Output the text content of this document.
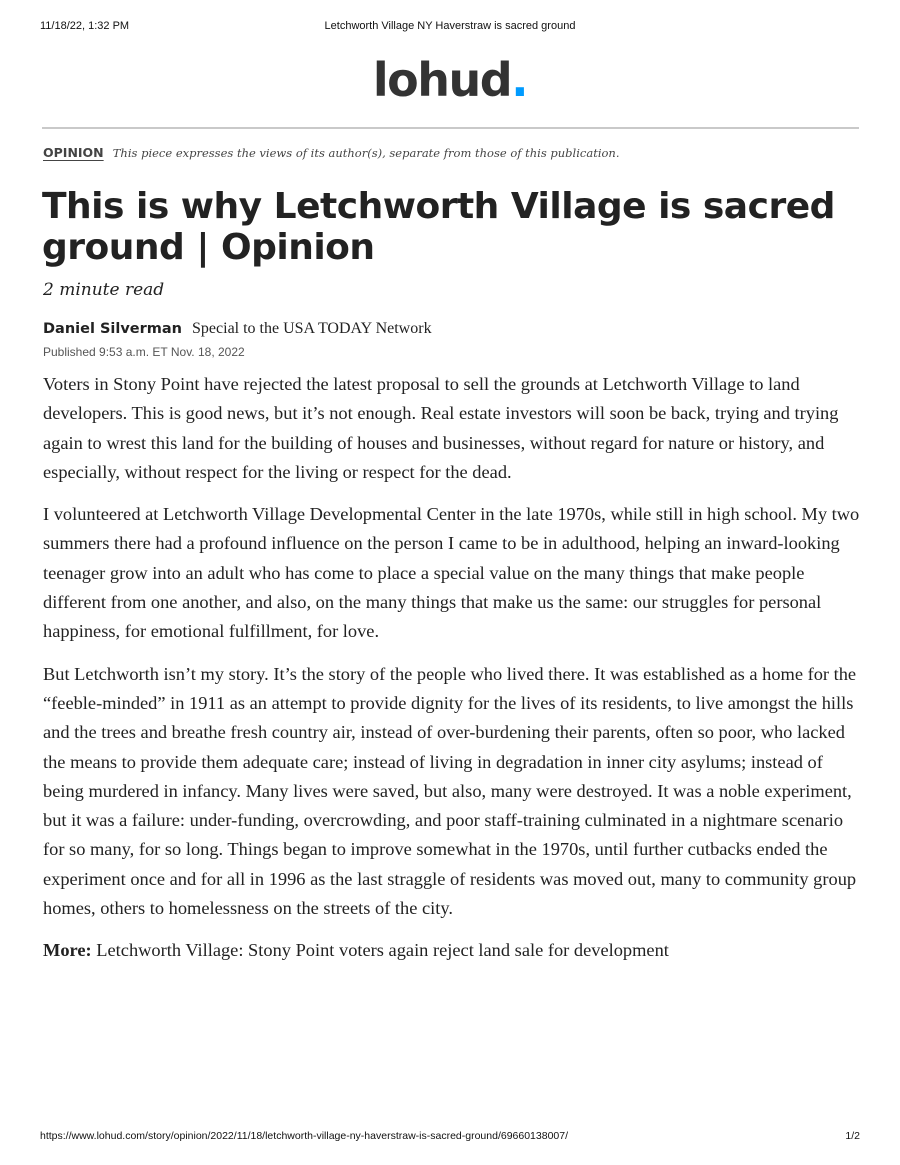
11/18/22, 1:32 PM	Letchworth Village NY Haverstraw is sacred ground
lohud.
OPINION This piece expresses the views of its author(s), separate from those of this publication.
This is why Letchworth Village is sacred ground | Opinion
2 minute read
Daniel Silverman Special to the USA TODAY Network
Published 9:53 a.m. ET Nov. 18, 2022

Voters in Stony Point have rejected the latest proposal to sell the grounds at Letchworth Village to land developers. This is good news, but it’s not enough. Real estate investors will soon be back, trying and trying again to wrest this land for the building of houses and businesses, without regard for nature or history, and especially, without respect for the living or respect for the dead.

I volunteered at Letchworth Village Developmental Center in the late 1970s, while still in high school. My two summers there had a profound influence on the person I came to be in adulthood, helping an inward-looking teenager grow into an adult who has come to place a special value on the many things that make people different from one another, and also, on the many things that make us the same: our struggles for personal happiness, for emotional fulfillment, for love.

But Letchworth isn’t my story. It’s the story of the people who lived there. It was established as a home for the “feeble-minded” in 1911 as an attempt to provide dignity for the lives of its residents, to live amongst the hills and the trees and breathe fresh country air, instead of over-burdening their parents, often so poor, who lacked the means to provide them adequate care; instead of living in degradation in inner city asylums; instead of being murdered in infancy. Many lives were saved, but also, many were destroyed. It was a noble experiment, but it was a failure: under-funding, overcrowding, and poor staff-training culminated in a nightmare scenario for so many, for so long. Things began to improve somewhat in the 1970s, until further cutbacks ended the experiment once and for all in 1996 as the last straggle of residents was moved out, many to community group homes, others to homelessness on the streets of the city.

More: Letchworth Village: Stony Point voters again reject land sale for development

https://www.lohud.com/story/opinion/2022/11/18/letchworth-village-ny-haverstraw-is-sacred-ground/69660138007/	1/2
